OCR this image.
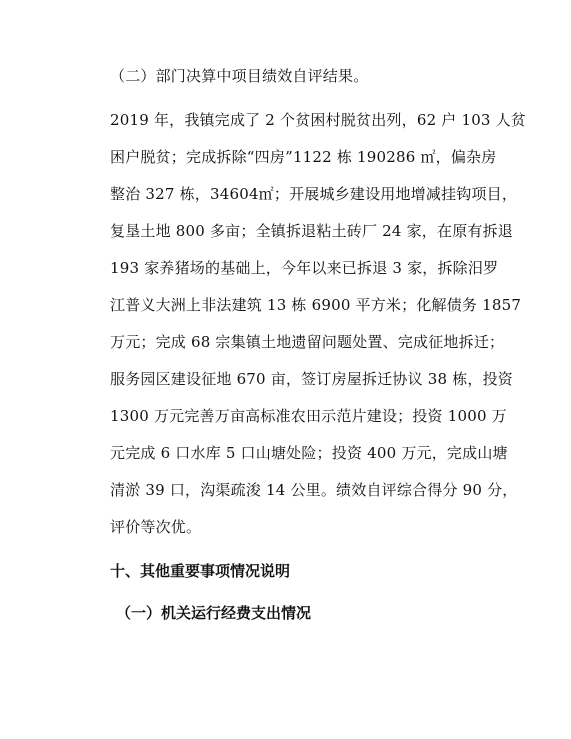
（二）部门决算中项目绩效自评结果。
2019 年，我镇完成了 2 个贫困村脱贫出列，62 户 103 人贫
困户脱贫；完成拆除“四房”1122 栋 190286 ㎡，偏杂房
整治 327 栋，34604㎡；开展城乡建设用地增减挂钩项目，
复垦土地 800 多亩；全镇拆退粘土砖厂 24 家，在原有拆退
193 家养猪场的基础上，今年以来已拆退 3 家，拆除汨罗
江普义大洲上非法建筑 13 栋 6900 平方米；化解债务 1857
万元；完成 68 宗集镇土地遗留问题处置、完成征地拆迁；
服务园区建设征地 670 亩，签订房屋拆迁协议 38 栋，投资
1300 万元完善万亩高标准农田示范片建设；投资 1000 万
元完成 6 口水库 5 口山塘处险；投资 400 万元，完成山塘
清淤 39 口，沟渠疏浚 14 公里。绩效自评综合得分 90 分，
评价等次优。
十、其他重要事项情况说明
（一）机关运行经费支出情况
